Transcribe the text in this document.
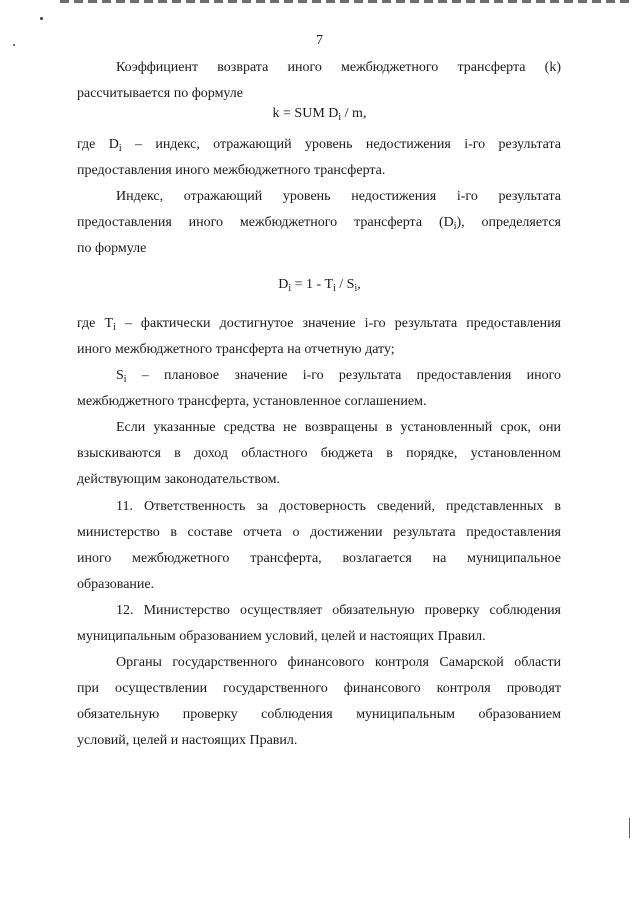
7
Коэффициент возврата иного межбюджетного трансферта (k)
рассчитывается по формуле
k = SUM $D_i$ / m,
где $D_i$ – индекс, отражающий уровень недостижения i-го результата
предоставления иного межбюджетного трансферта.
Индекс, отражающий уровень недостижения i-го результата
предоставления иного межбюджетного трансферта $(D_i)$, определяется
по формуле
$D_i = 1 - T_i / S_i$,
где $T_i$ – фактически достигнутое значение i-го результата предоставления
иного межбюджетного трансферта на отчетную дату;
$S_i$ – плановое значение i-го результата предоставления иного
межбюджетного трансферта, установленное соглашением.
Если указанные средства не возвращены в установленный срок, они
взыскиваются в доход областного бюджета в порядке, установленном
действующим законодательством.
11. Ответственность за достоверность сведений, представленных в
министерство в составе отчета о достижении результата предоставления
иного межбюджетного трансферта, возлагается на муниципальное
образование.
12. Министерство осуществляет обязательную проверку соблюдения
муниципальным образованием условий, целей и настоящих Правил.
Органы государственного финансового контроля Самарской области
при осуществлении государственного финансового контроля проводят
обязательную проверку соблюдения муниципальным образованием
условий, целей и настоящих Правил.
